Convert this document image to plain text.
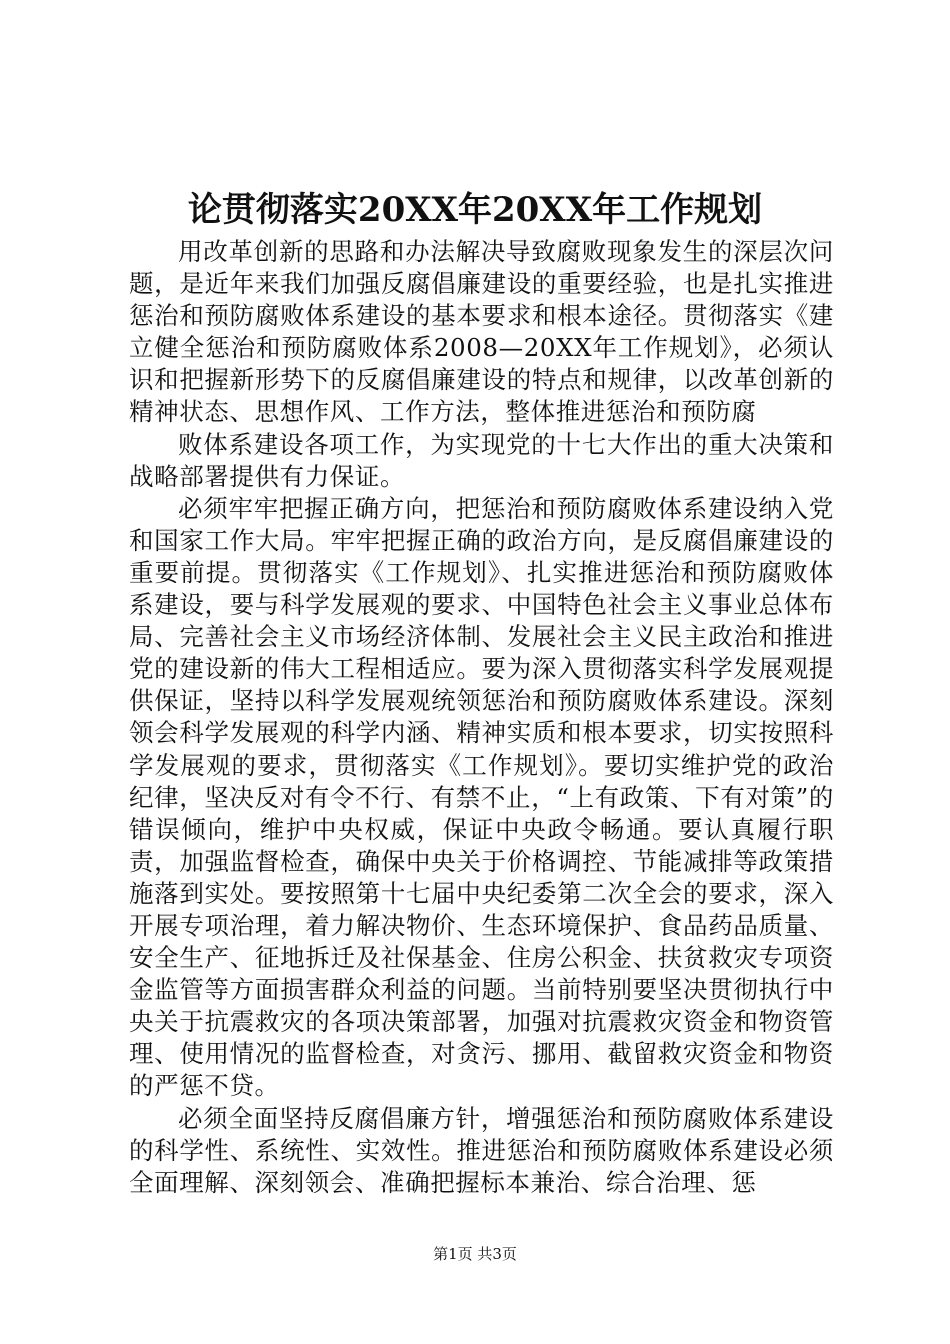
论贯彻落实20XX年20XX年工作规划

用改革创新的思路和办法解决导致腐败现象发生的深层次问题，是近年来我们加强反腐倡廉建设的重要经验，也是扎实推进惩治和预防腐败体系建设的基本要求和根本途径。贯彻落实《建立健全惩治和预防腐败体系2008—20XX年工作规划》，必须认识和把握新形势下的反腐倡廉建设的特点和规律，以改革创新的精神状态、思想作风、工作方法，整体推进惩治和预防腐

败体系建设各项工作，为实现党的十七大作出的重大决策和战略部署提供有力保证。

必须牢牢把握正确方向，把惩治和预防腐败体系建设纳入党和国家工作大局。牢牢把握正确的政治方向，是反腐倡廉建设的重要前提。贯彻落实《工作规划》、扎实推进惩治和预防腐败体系建设，要与科学发展观的要求、中国特色社会主义事业总体布局、完善社会主义市场经济体制、发展社会主义民主政治和推进党的建设新的伟大工程相适应。要为深入贯彻落实科学发展观提供保证，坚持以科学发展观统领惩治和预防腐败体系建设。深刻领会科学发展观的科学内涵、精神实质和根本要求，切实按照科学发展观的要求，贯彻落实《工作规划》。要切实维护党的政治纪律，坚决反对有令不行、有禁不止，“上有政策、下有对策”的错误倾向，维护中央权威，保证中央政令畅通。要认真履行职责，加强监督检查，确保中央关于价格调控、节能减排等政策措施落到实处。要按照第十七届中央纪委第二次全会的要求，深入开展专项治理，着力解决物价、生态环境保护、食品药品质量、安全生产、征地拆迁及社保基金、住房公积金、扶贫救灾专项资金监管等方面损害群众利益的问题。当前特别要坚决贯彻执行中央关于抗震救灾的各项决策部署，加强对抗震救灾资金和物资管理、使用情况的监督检查，对贪污、挪用、截留救灾资金和物资的严惩不贷。

必须全面坚持反腐倡廉方针，增强惩治和预防腐败体系建设的科学性、系统性、实效性。推进惩治和预防腐败体系建设必须全面理解、深刻领会、准确把握标本兼治、综合治理、惩

第1页 共3页
